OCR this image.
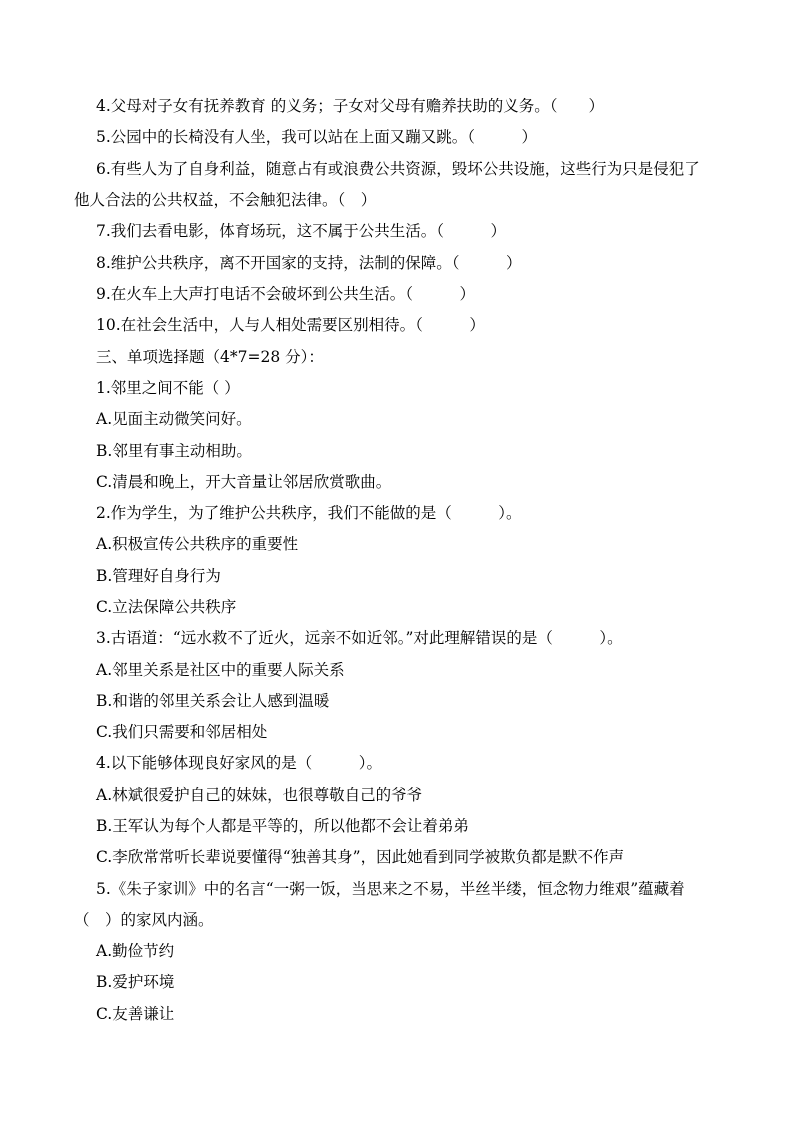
4.父母对子女有抚养教育 的义务；子女对父母有赡养扶助的义务。（　　）
5.公园中的长椅没有人坐，我可以站在上面又蹦又跳。（　　　）
6.有些人为了自身利益，随意占有或浪费公共资源，毁坏公共设施，这些行为只是侵犯了
他人合法的公共权益，不会触犯法律。（　）
7.我们去看电影，体育场玩，这不属于公共生活。（　　　）
8.维护公共秩序，离不开国家的支持，法制的保障。（　　　）
9.在火车上大声打电话不会破坏到公共生活。（　　　）
10.在社会生活中，人与人相处需要区别相待。（　　　）
三、单项选择题（4*7=28 分）：
1.邻里之间不能（ ）
A.见面主动微笑问好。
B.邻里有事主动相助。
C.清晨和晚上，开大音量让邻居欣赏歌曲。
2.作为学生，为了维护公共秩序，我们不能做的是（　　　）。
A.积极宣传公共秩序的重要性
B.管理好自身行为
C.立法保障公共秩序
3.古语道：“远水救不了近火，远亲不如近邻。”对此理解错误的是（　　　）。
A.邻里关系是社区中的重要人际关系
B.和谐的邻里关系会让人感到温暖
C.我们只需要和邻居相处
4.以下能够体现良好家风的是（　　　）。
A.林斌很爱护自己的妹妹，也很尊敬自己的爷爷
B.王军认为每个人都是平等的，所以他都不会让着弟弟
C.李欣常常听长辈说要懂得“独善其身”，因此她看到同学被欺负都是默不作声
5.《朱子家训》中的名言“一粥一饭，当思来之不易，半丝半缕，恒念物力维艰”蕴藏着
（　）的家风内涵。
A.勤俭节约
B.爱护环境
C.友善谦让
